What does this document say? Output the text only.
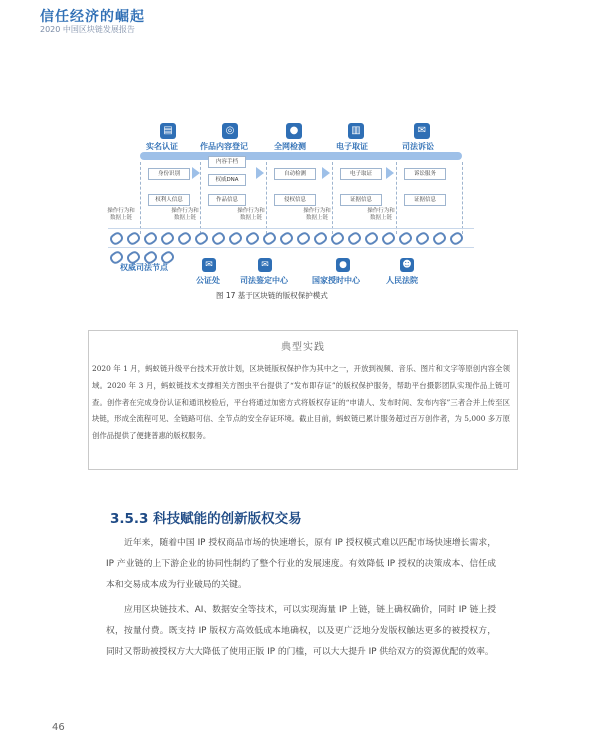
信任经济的崛起
2020 中国区块链发展报告
▤
实名认证
◎
作品内容登记
●
全网检测
▥
电子取证
✉
司法诉讼
身份识别
权利人信息
内容手档
权威DNA
作品信息
自动检测
侵权信息
电子取证
证据信息
诉讼服务
证据信息
操作行为和数据上链
操作行为和数据上链
操作行为和数据上链
操作行为和数据上链
操作行为和数据上链
权威司法节点	✉
公证处
✉
司法鉴定中心
●
国家授时中心
☻
人民法院
图 17 基于区块链的版权保护模式
典型实践
2020 年 1 月，蚂蚁链升级平台技术开放计划，区块链版权保护作为其中之一，开放到视频、音乐、图片和文字等原创内容全领域。2020 年 3 月，蚂蚁链技术支撑相关方图虫平台提供了“发布即存证”的版权保护服务，帮助平台摄影团队实现作品上链可查。创作者在完成身份认证和通讯校验后，平台将通过加密方式将版权存证的“申请人、发布时间、发布内容”三者合并上传至区块链，形成全流程可见、全链路可信、全节点的安全存证环境。截止目前，蚂蚁链已累计服务超过百万创作者，为 5,000 多万原创作品提供了便捷普惠的版权服务。
3.5.3 科技赋能的创新版权交易
近年来，随着中国 IP 授权商品市场的快速增长，原有 IP 授权模式难以匹配市场快速增长需求，IP 产业链的上下游企业的协同性制约了整个行业的发展速度。有效降低 IP 授权的决策成本、信任成本和交易成本成为行业破局的关键。
应用区块链技术、AI、数据安全等技术，可以实现海量 IP 上链，链上确权确价，同时 IP 链上授权，按量付费。既支持 IP 版权方高效低成本地确权，以及更广泛地分发版权触达更多的被授权方，同时又帮助被授权方大大降低了使用正版 IP 的门槛，可以大大提升 IP 供给双方的资源优配的效率。
46
